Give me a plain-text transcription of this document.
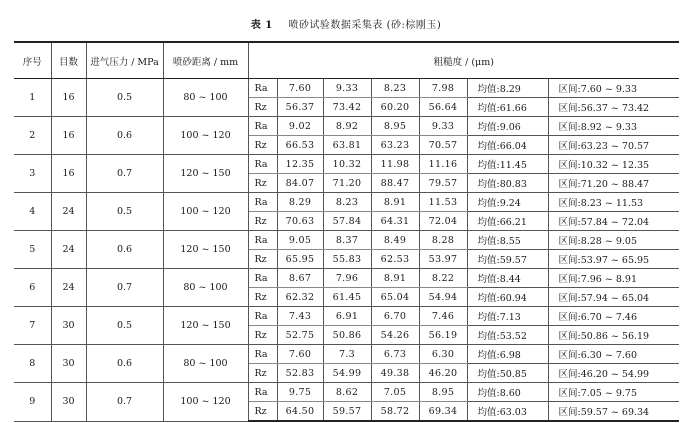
表 1 喷砂试验数据采集表 (砂:棕刚玉)
序号	目数	进气压力 / MPa	喷砂距离 / mm	粗糙度 / (μm)						
1	16	0.5	80 ~ 100	Ra	7.60	9.33	8.23	7.98	均值:8.29	区间:7.60 ~ 9.33
				Rz	56.37	73.42	60.20	56.64	均值:61.66	区间:56.37 ~ 73.42
2	16	0.6	100 ~ 120	Ra	9.02	8.92	8.95	9.33	均值:9.06	区间:8.92 ~ 9.33
				Rz	66.53	63.81	63.23	70.57	均值:66.04	区间:63.23 ~ 70.57
3	16	0.7	120 ~ 150	Ra	12.35	10.32	11.98	11.16	均值:11.45	区间:10.32 ~ 12.35
				Rz	84.07	71.20	88.47	79.57	均值:80.83	区间:71.20 ~ 88.47
4	24	0.5	100 ~ 120	Ra	8.29	8.23	8.91	11.53	均值:9.24	区间:8.23 ~ 11.53
				Rz	70.63	57.84	64.31	72.04	均值:66.21	区间:57.84 ~ 72.04
5	24	0.6	120 ~ 150	Ra	9.05	8.37	8.49	8.28	均值:8.55	区间:8.28 ~ 9.05
				Rz	65.95	55.83	62.53	53.97	均值:59.57	区间:53.97 ~ 65.95
6	24	0.7	80 ~ 100	Ra	8.67	7.96	8.91	8.22	均值:8.44	区间:7.96 ~ 8.91
				Rz	62.32	61.45	65.04	54.94	均值:60.94	区间:57.94 ~ 65.04
7	30	0.5	120 ~ 150	Ra	7.43	6.91	6.70	7.46	均值:7.13	区间:6.70 ~ 7.46
				Rz	52.75	50.86	54.26	56.19	均值:53.52	区间:50.86 ~ 56.19
8	30	0.6	80 ~ 100	Ra	7.60	7.3	6.73	6.30	均值:6.98	区间:6.30 ~ 7.60
				Rz	52.83	54.99	49.38	46.20	均值:50.85	区间:46.20 ~ 54.99
9	30	0.7	100 ~ 120	Ra	9.75	8.62	7.05	8.95	均值:8.60	区间:7.05 ~ 9.75
				Rz	64.50	59.57	58.72	69.34	均值:63.03	区间:59.57 ~ 69.34
